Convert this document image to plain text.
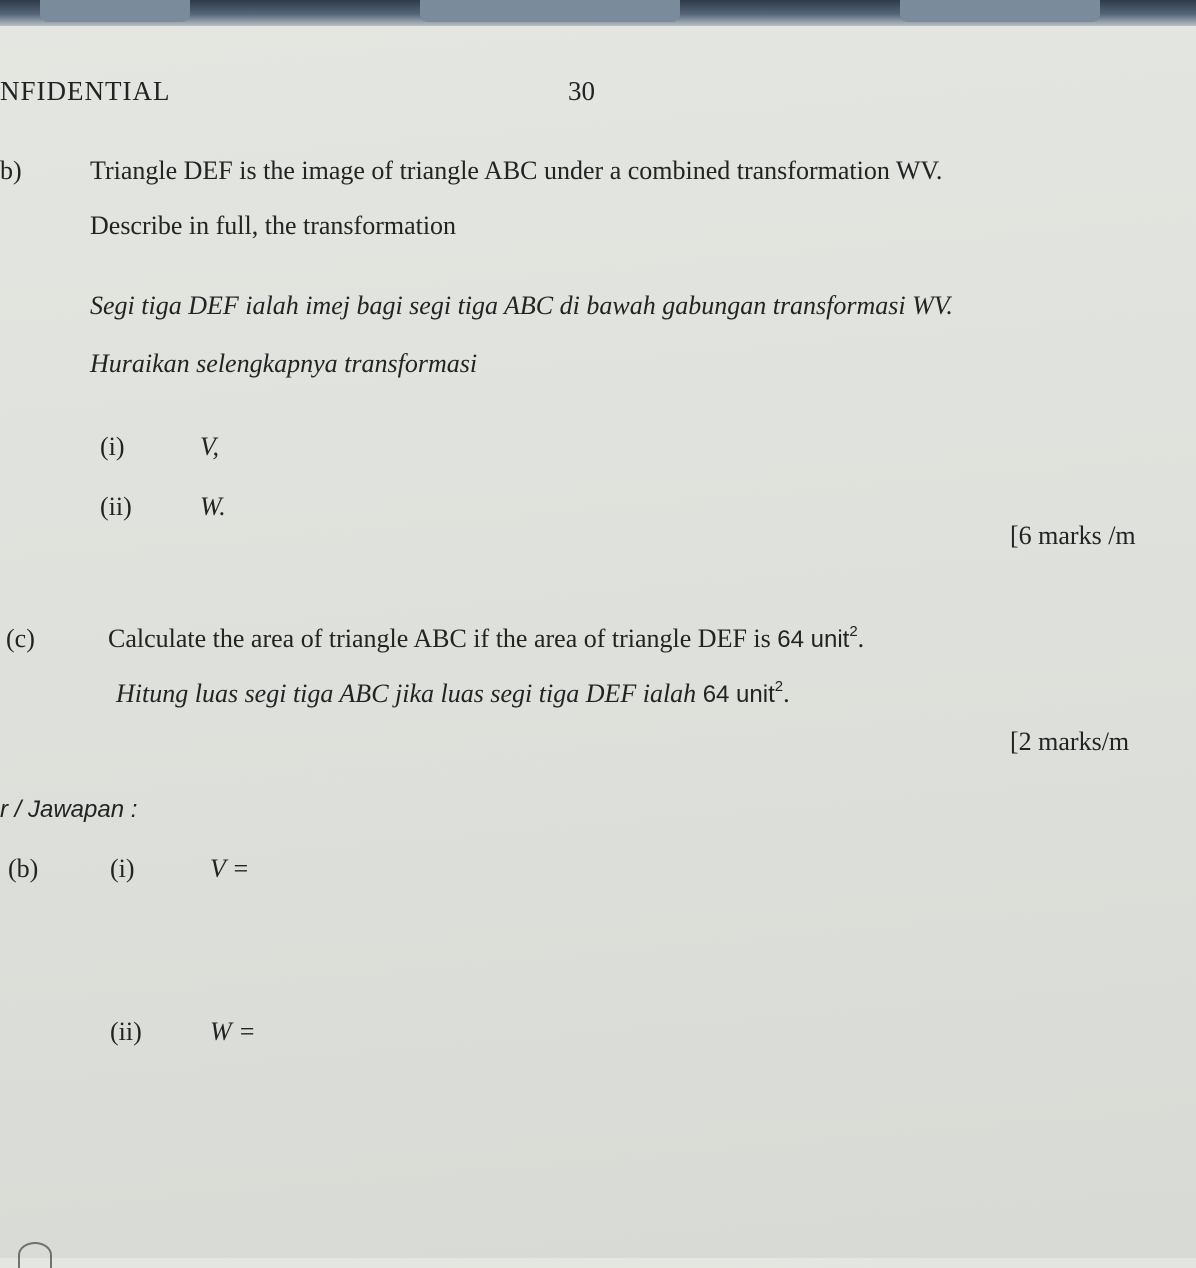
NFIDENTIAL	30
b)	Triangle DEF is the image of triangle ABC under a combined transformation WV.
Describe in full, the transformation
Segi tiga DEF ialah imej bagi segi tiga ABC di bawah gabungan transformasi WV.
Huraikan selengkapnya transformasi
(i)	V,
(ii)	W.
[6 marks /m
(c)	Calculate the area of triangle ABC if the area of triangle DEF is 64 unit$^2$.
Hitung luas segi tiga ABC jika luas segi tiga DEF ialah 64 unit$^2$.
[2 marks/m
r / Jawapan :
(b)	(i)	V =
(ii)	W =
